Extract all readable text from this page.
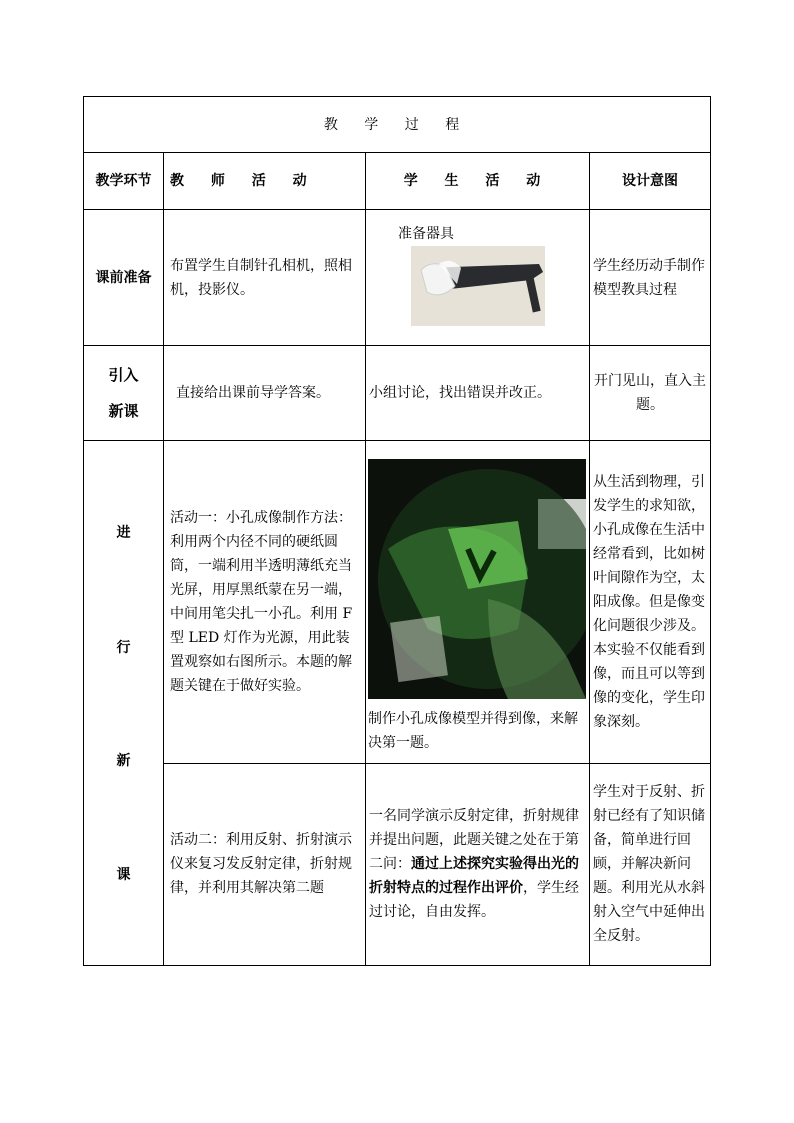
教 学 过 程			
教学环节	教 师 活 动	学 生 活 动	设计意图
课前准备	布置学生自制针孔相机，照相机，投影仪。	准备器具	学生经历动手制作模型教具过程

引入
新课	直接给出课前导学答案。	小组讨论，找出错误并改正。	开门见山，直入主题。

进
行
新
课	活动一：小孔成像制作方法：利用两个内径不同的硬纸圆筒，一端利用半透明薄纸充当光屏，用厚黑纸蒙在另一端，中间用笔尖扎一小孔。利用 F 型 LED 灯作为光源，用此装置观察如右图所示。本题的解题关键在于做好实验。	制作小孔成像模型并得到像，来解决第一题。	从生活到物理，引发学生的求知欲，小孔成像在生活中经常看到，比如树叶间隙作为空，太阳成像。但是像变化问题很少涉及。本实验不仅能看到像，而且可以等到像的变化，学生印象深刻。
	活动二：利用反射、折射演示仪来复习发反射定律，折射规律，并利用其解决第二题	一名同学演示反射定律，折射规律并提出问题，此题关键之处在于第二问：通过上述探究实验得出光的折射特点的过程作出评价，学生经过讨论，自由发挥。	学生对于反射、折射已经有了知识储备，简单进行回顾，并解决新问题。利用光从水斜射入空气中延伸出全反射。
